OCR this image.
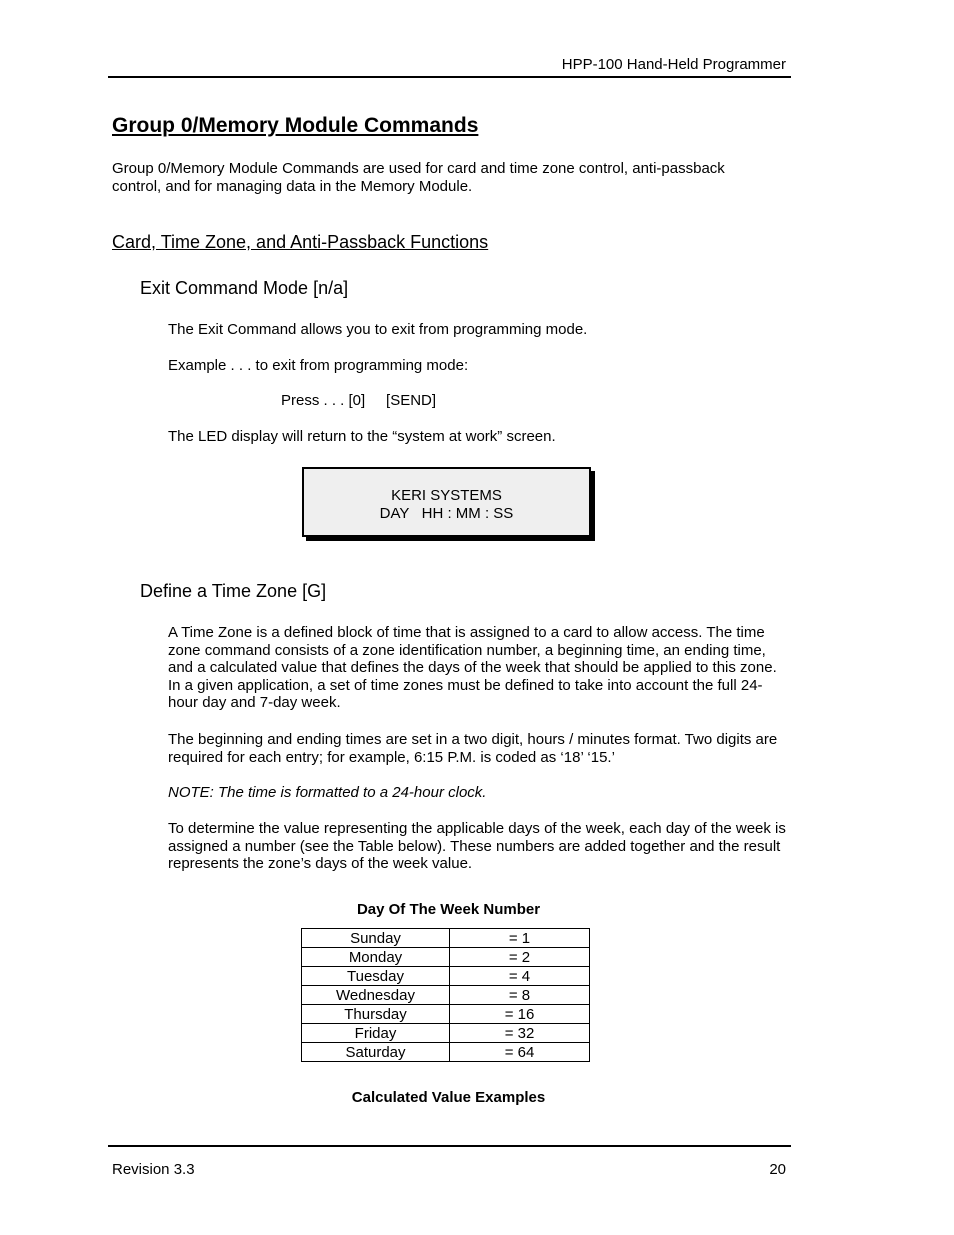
HPP-100 Hand-Held Programmer
Group 0/Memory Module Commands
Group 0/Memory Module Commands are used for card and time zone control, anti-passback control, and for managing data in the Memory Module.
Card, Time Zone, and Anti-Passback Functions
Exit Command Mode [n/a]
The Exit Command allows you to exit from programming mode.
Example . . . to exit from programming mode:
Press . . . [0]     [SEND]
The LED display will return to the “system at work” screen.
KERI SYSTEMS
DAY   HH : MM : SS
Define a Time Zone [G]
A Time Zone is a defined block of time that is assigned to a card to allow access. The time zone command consists of a zone identification number, a beginning time, an ending time, and a calculated value that defines the days of the week that should be applied to this zone. In a given application, a set of time zones must be defined to take into account the full 24-hour day and 7-day week.
The beginning and ending times are set in a two digit, hours / minutes format. Two digits are required for each entry; for example, 6:15 P.M. is coded as ‘18’ ‘15.’
NOTE: The time is formatted to a 24-hour clock.
To determine the value representing the applicable days of the week, each day of the week is assigned a number (see the Table below). These numbers are added together and the result represents the zone’s days of the week value.
Day Of The Week Number
Sunday	= 1
Monday	= 2
Tuesday	= 4
Wednesday	= 8
Thursday	= 16
Friday	= 32
Saturday	= 64
Calculated Value Examples
Revision 3.3	20
